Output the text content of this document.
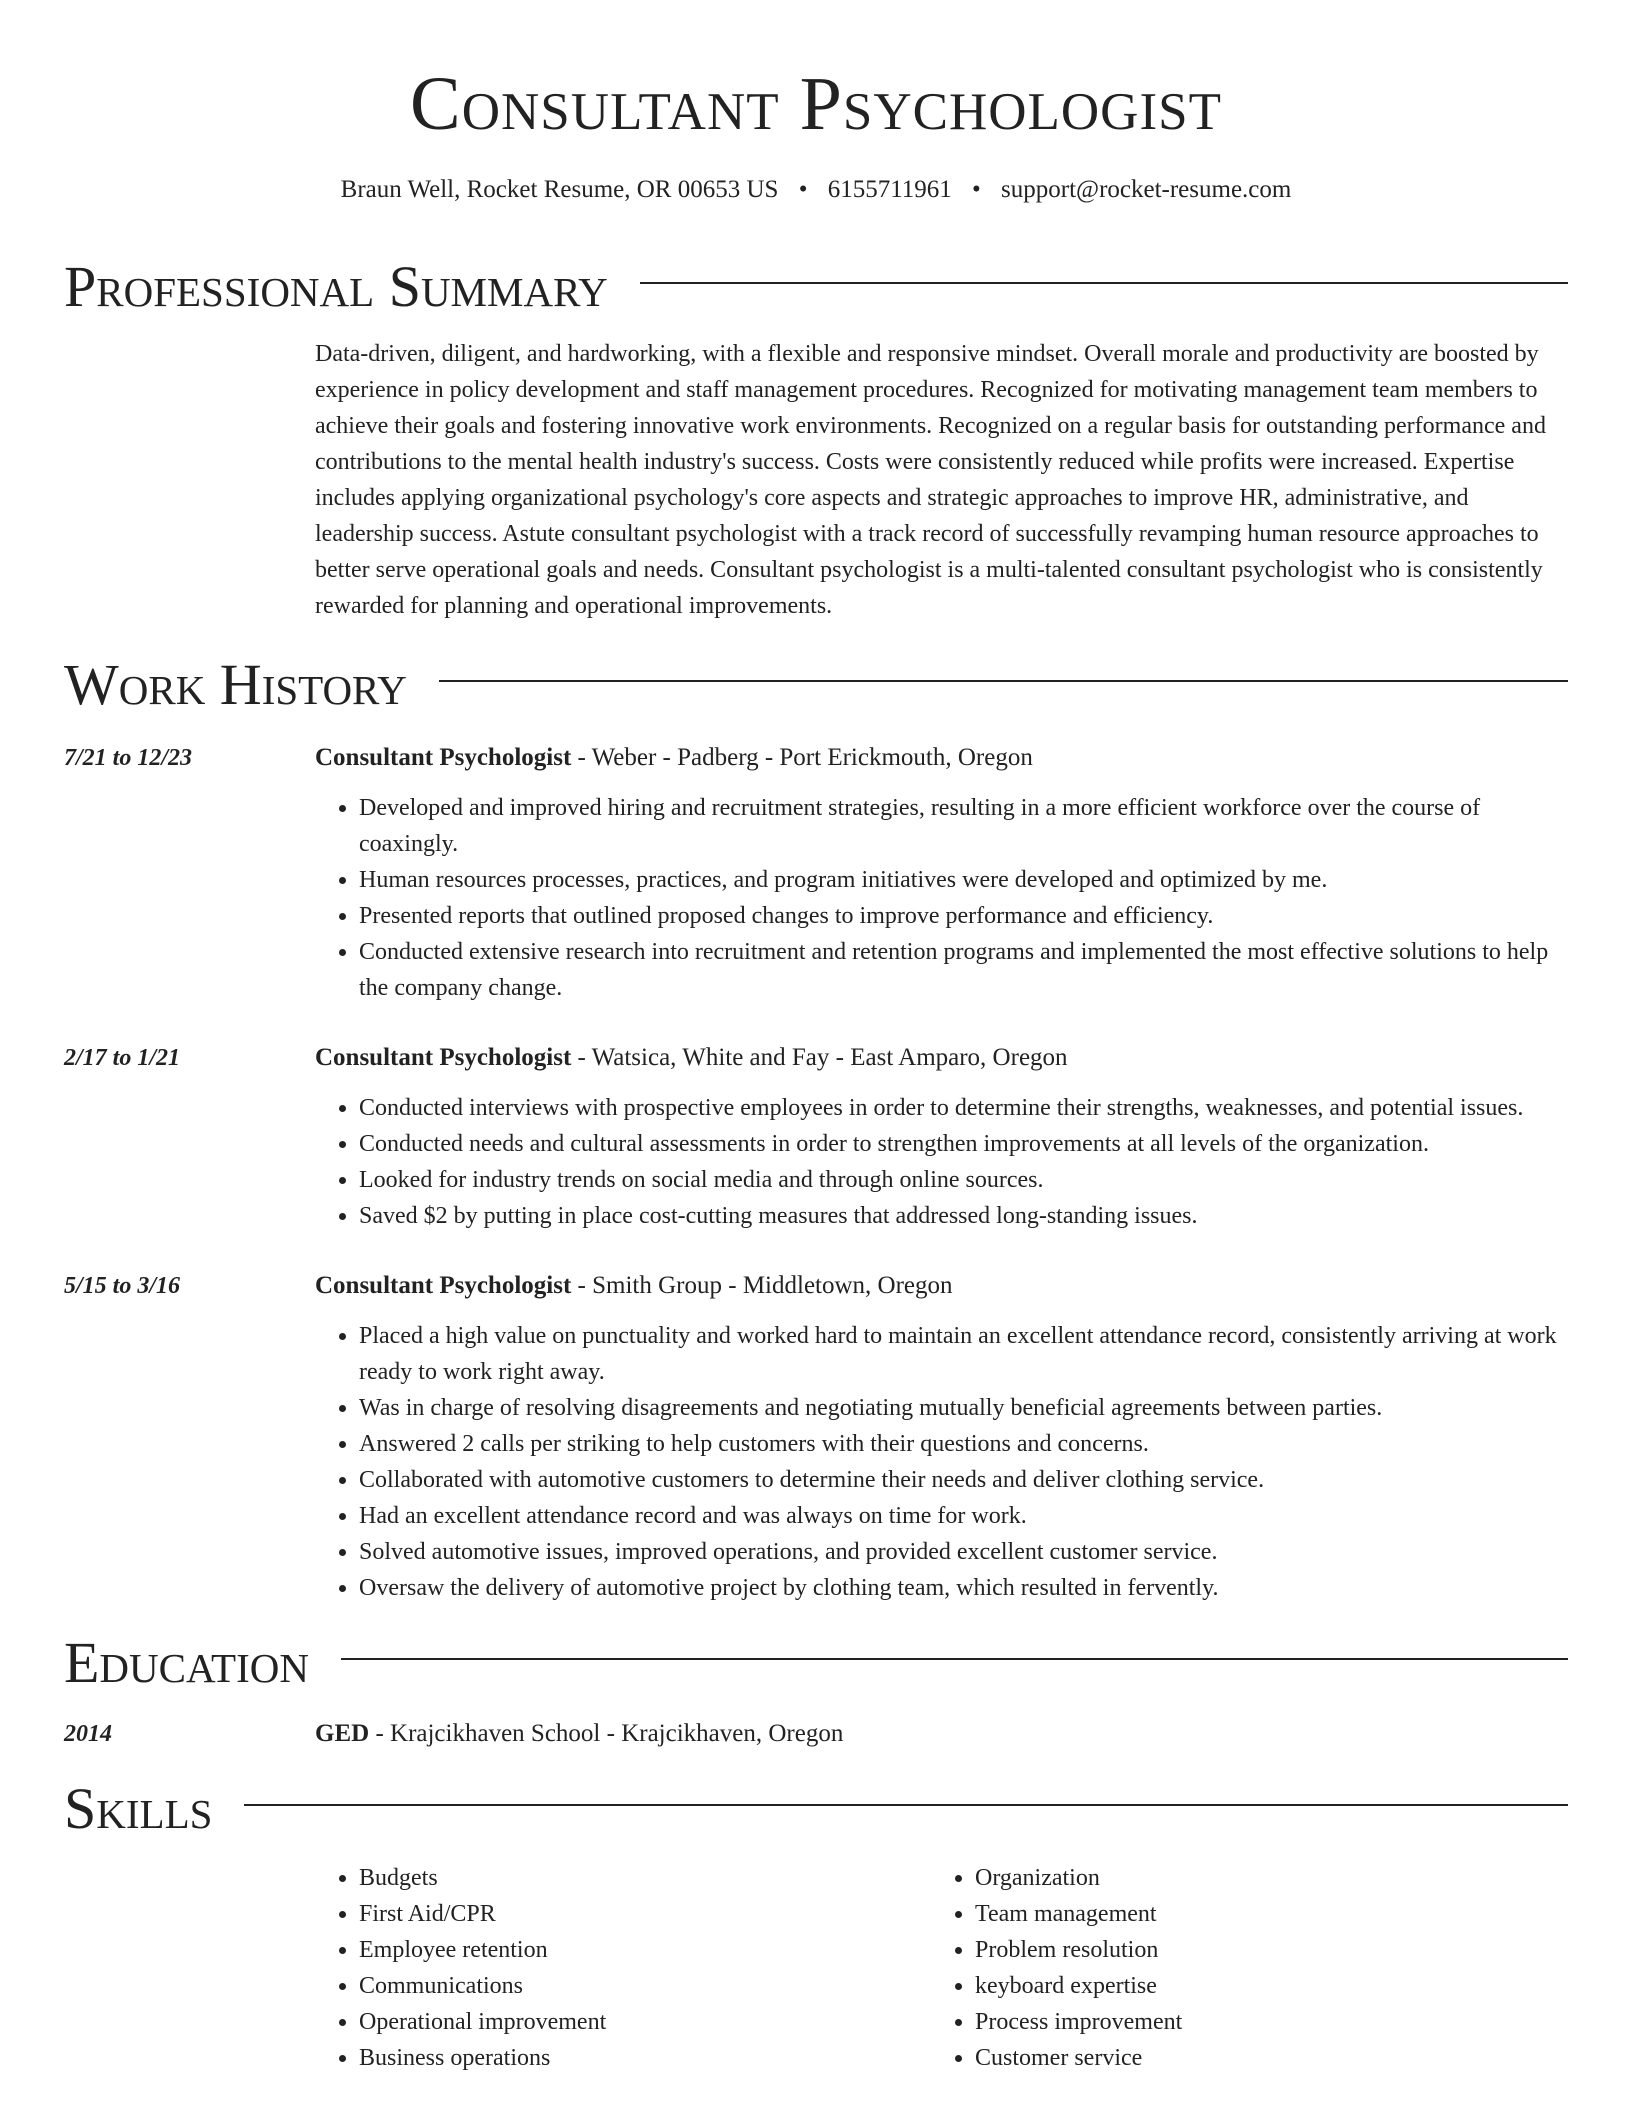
Consultant Psychologist
Braun Well, Rocket Resume, OR 00653 US • 6155711961 • support@rocket-resume.com
Professional Summary
Data-driven, diligent, and hardworking, with a flexible and responsive mindset. Overall morale and productivity are boosted by experience in policy development and staff management procedures. Recognized for motivating management team members to achieve their goals and fostering innovative work environments. Recognized on a regular basis for outstanding performance and contributions to the mental health industry's success. Costs were consistently reduced while profits were increased. Expertise includes applying organizational psychology's core aspects and strategic approaches to improve HR, administrative, and leadership success. Astute consultant psychologist with a track record of successfully revamping human resource approaches to better serve operational goals and needs. Consultant psychologist is a multi-talented consultant psychologist who is consistently rewarded for planning and operational improvements.
Work History
7/21 to 12/23	Consultant Psychologist - Weber - Padberg - Port Erickmouth, Oregon
• Developed and improved hiring and recruitment strategies, resulting in a more efficient workforce over the course of coaxingly.
• Human resources processes, practices, and program initiatives were developed and optimized by me.
• Presented reports that outlined proposed changes to improve performance and efficiency.
• Conducted extensive research into recruitment and retention programs and implemented the most effective solutions to help the company change.
2/17 to 1/21	Consultant Psychologist - Watsica, White and Fay - East Amparo, Oregon
• Conducted interviews with prospective employees in order to determine their strengths, weaknesses, and potential issues.
• Conducted needs and cultural assessments in order to strengthen improvements at all levels of the organization.
• Looked for industry trends on social media and through online sources.
• Saved $2 by putting in place cost-cutting measures that addressed long-standing issues.
5/15 to 3/16	Consultant Psychologist - Smith Group - Middletown, Oregon
• Placed a high value on punctuality and worked hard to maintain an excellent attendance record, consistently arriving at work ready to work right away.
• Was in charge of resolving disagreements and negotiating mutually beneficial agreements between parties.
• Answered 2 calls per striking to help customers with their questions and concerns.
• Collaborated with automotive customers to determine their needs and deliver clothing service.
• Had an excellent attendance record and was always on time for work.
• Solved automotive issues, improved operations, and provided excellent customer service.
• Oversaw the delivery of automotive project by clothing team, which resulted in fervently.
Education
2014	GED - Krajcikhaven School - Krajcikhaven, Oregon
Skills
• Budgets
• First Aid/CPR
• Employee retention
• Communications
• Operational improvement
• Business operations
• Organization
• Team management
• Problem resolution
• keyboard expertise
• Process improvement
• Customer service
